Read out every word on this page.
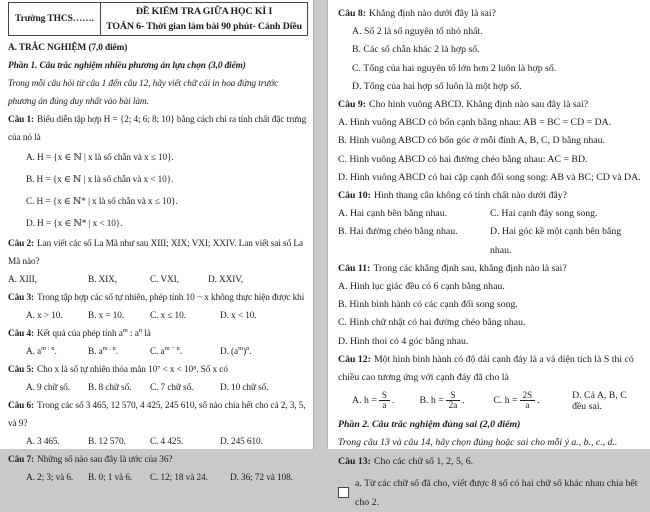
Trường THCS…….
ĐỀ KIỂM TRA GIỮA HỌC KÌ I
TOÁN 6- Thời gian làm bài 90 phút- Cánh Diều

A. TRẮC NGHIỆM (7,0 điểm)

Phần 1. Câu trắc nghiệm nhiều phương án lựa chọn (3,0 điểm)

Trong mỗi câu hỏi từ câu 1 đến câu 12, hãy viết chữ cái in hoa đứng trước phương án đúng duy nhất vào bài làm.

Câu 1: Biểu diễn tập hợp H = {2; 4; 6; 8; 10} bằng cách chỉ ra tính chất đặc trưng của nó là

A. H = {x ∈ ℕ | x là số chẵn và x ≤ 10}.

B. H = {x ∈ ℕ | x là số chẵn và x < 10}.

C. H = {x ∈ ℕ* | x là số chẵn và x ≤ 10}.

D. H = {x ∈ ℕ* | x < 10}.

Câu 2: Lan viết các số La Mã như sau XIII; XIX; VXI; XXIV. Lan viết sai số La Mã nào?

A. XIII,	B. XIX,	C. VXI,	D. XXIV,

Câu 3: Trong tập hợp các số tự nhiên, phép tính 10 − x không thực hiện được khi

A. x > 10.	B. x = 10.	C. x ≤ 10.	D. x < 10.

Câu 4: Kết quả của phép tính $a^m$ : $a^n$ là

A. $a^{m : n}$.	B. $a^{m . n}$.	C. $a^{m - n}$.	D. $(a^m)^n$.

Câu 5: Cho x là số tự nhiên thỏa mãn 10⁷ < x < 10⁸. Số x có

A. 9 chữ số.	B. 8 chữ số.	C. 7 chữ số.	D. 10 chữ số.

Câu 6: Trong các số 3 465, 12 570, 4 425, 245 610, số nào chia hết cho cả 2, 3, 5, và 9?

A. 3 465.	B. 12 570.	C. 4 425.	D. 245 610.

Câu 7: Những số nào sau đây là ước của 36?

A. 2; 3; và 6.	B. 0; 1 và 6.	C. 12; 18 và 24.	D. 36; 72 và 108.

Câu 8: Khẳng định nào dưới đây là sai?

A. Số 2 là số nguyên tố nhỏ nhất.

B. Các số chẵn khác 2 là hợp số.

C. Tổng của hai nguyên tố lớn hơn 2 luôn là hợp số.

D. Tổng của hai hợp số luôn là một hợp số.

Câu 9: Cho hình vuông ABCD. Khẳng định nào sau đây là sai?

A. Hình vuông ABCD có bốn cạnh bằng nhau: AB = BC = CD = DA.

B. Hình vuông ABCD có bốn góc ở mỗi đỉnh A, B, C, D bằng nhau.

C. Hình vuông ABCD có hai đường chéo bằng nhau: AC = BD.

D. Hình vuông ABCD có hai cặp cạnh đối song song: AB và BC; CD và DA.

Câu 10: Hình thang cân không có tính chất nào dưới đây?

A. Hai cạnh bên bằng nhau.	C. Hai cạnh đáy song song.

B. Hai đường chéo bằng nhau.	D. Hai góc kề một cạnh bên bằng nhau.

Câu 11: Trong các khẳng định sau, khẳng định nào là sai?

A. Hình lục giác đều có 6 cạnh bằng nhau.

B. Hình bình hành có các cạnh đối song song.

C. Hình chữ nhật có hai đường chéo bằng nhau.

D. Hình thoi có 4 góc bằng nhau.

Câu 12: Một hình bình hành có độ dài cạnh đáy là a và diện tích là S thì có chiều cao tương ứng với cạnh đáy đã cho là

A. $h = \frac{S}{a}$ .	B. $h = \frac{S}{2a}$ .	C. $h = \frac{2S}{a}$ .	D. Cả A, B, C đều sai.

Phần 2. Câu trắc nghiệm đúng sai (2,0 điểm)

Trong câu 13 và câu 14, hãy chọn đúng hoặc sai cho mỗi ý a., b., c., d..

Câu 13: Cho các chữ số 1, 2, 5, 6.

a. Từ các chữ số đã cho, viết được 8 số có hai chữ số khác nhau chia hết cho 2.
